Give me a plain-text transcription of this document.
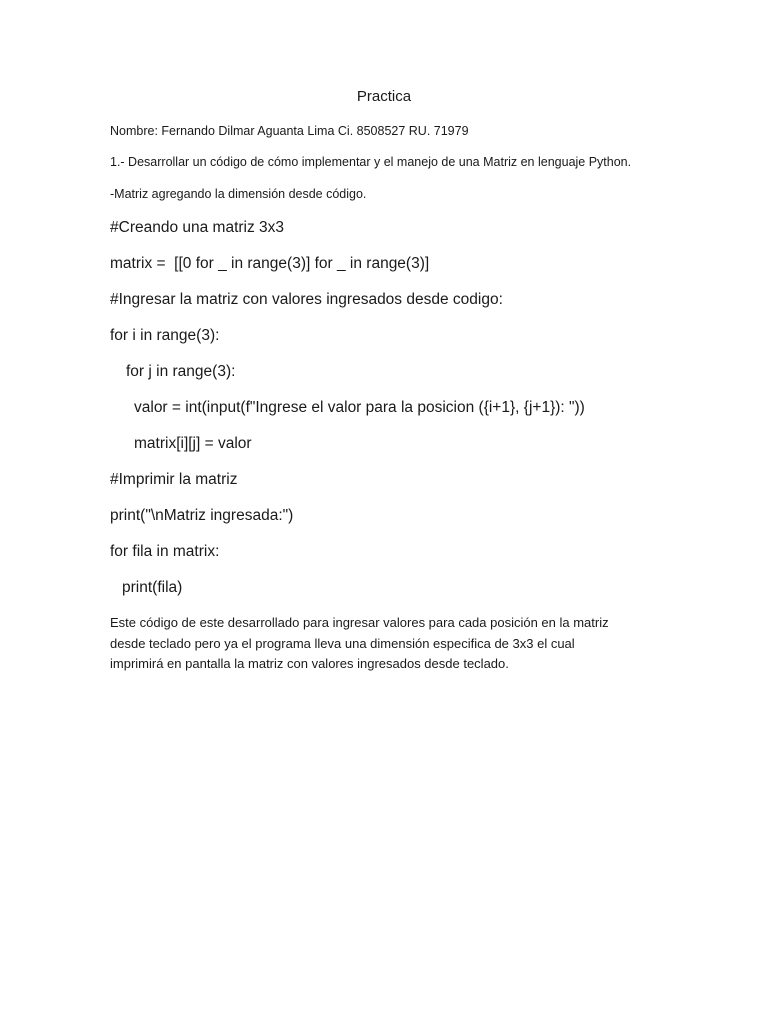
Practica
Nombre: Fernando Dilmar Aguanta Lima Ci. 8508527 RU. 71979
1.- Desarrollar un código de cómo implementar y el manejo de una Matriz en lenguaje Python.
-Matriz agregando la dimensión desde código.
#Creando una matriz 3x3
matrix =  [[0 for _ in range(3)] for _ in range(3)]
#Ingresar la matriz con valores ingresados desde codigo:
for i in range(3):
for j in range(3):
valor = int(input(f"Ingrese el valor para la posicion ({i+1}, {j+1}): "))
matrix[i][j] = valor
#Imprimir la matriz
print("\nMatriz ingresada:")
for fila in matrix:
print(fila)
Este código de este desarrollado para ingresar valores para cada posición en la matriz
desde teclado pero ya el programa lleva una dimensión especifica de 3x3 el cual
imprimirá en pantalla la matriz con valores ingresados desde teclado.
